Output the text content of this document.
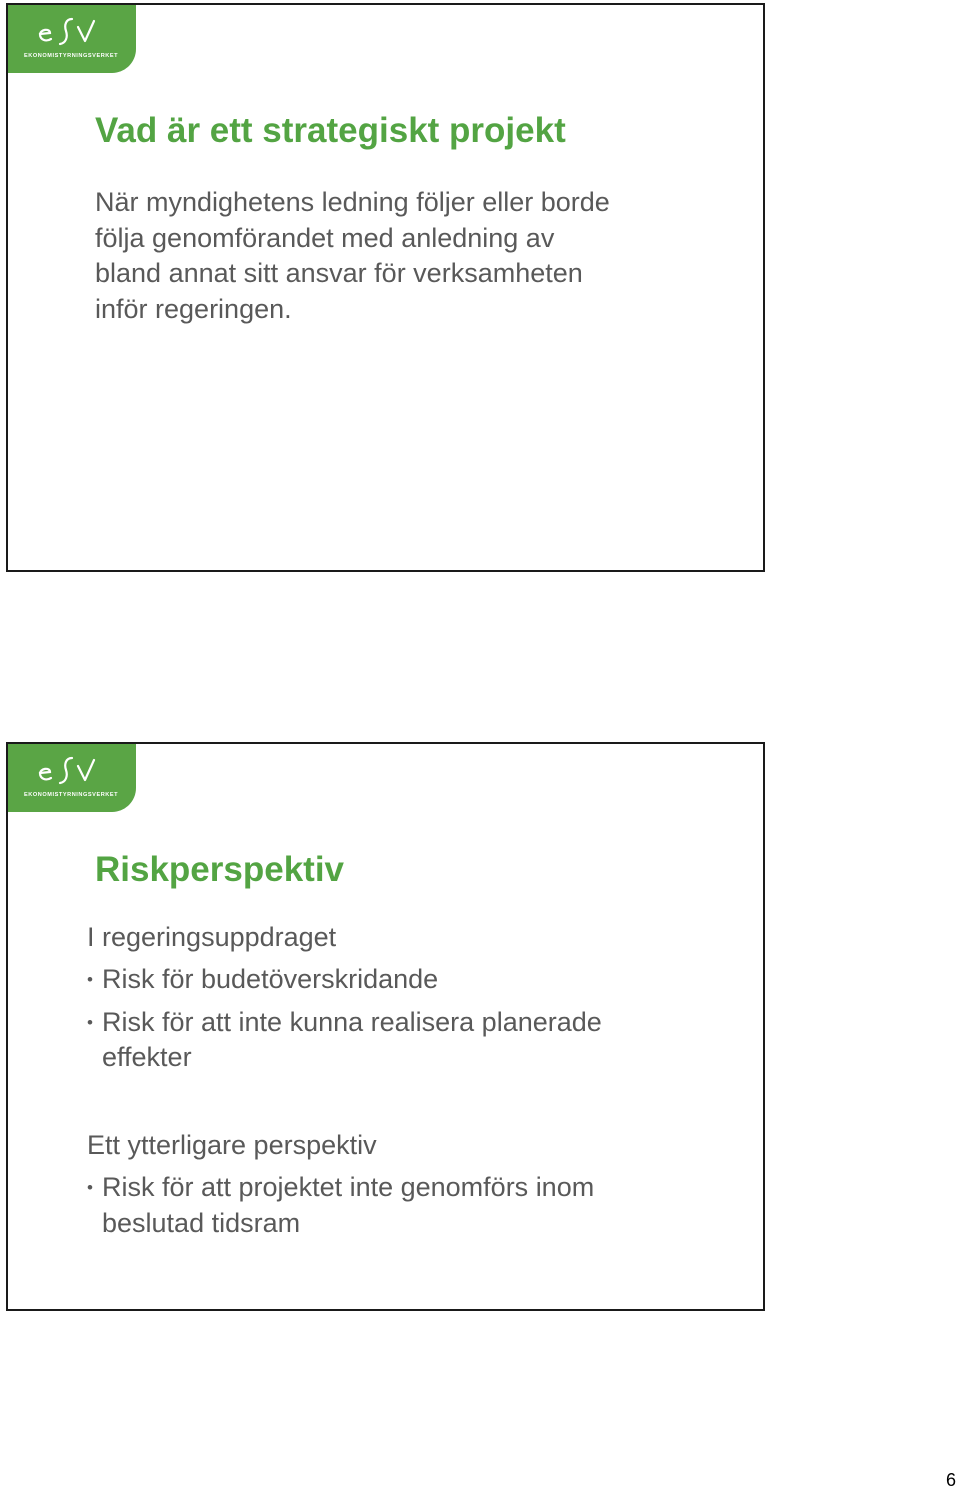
EKONOMISTYRNINGSVERKET
Vad är ett strategiskt projekt
När myndighetens ledning följer eller borde
följa genomförandet med anledning av
bland annat sitt ansvar för verksamheten
inför regeringen.
EKONOMISTYRNINGSVERKET
Riskperspektiv
I regeringsuppdraget
• Risk för budetöverskridande
• Risk för att inte kunna realisera planerade
effekter
Ett ytterligare perspektiv
• Risk för att projektet inte genomförs inom
beslutad tidsram
6
